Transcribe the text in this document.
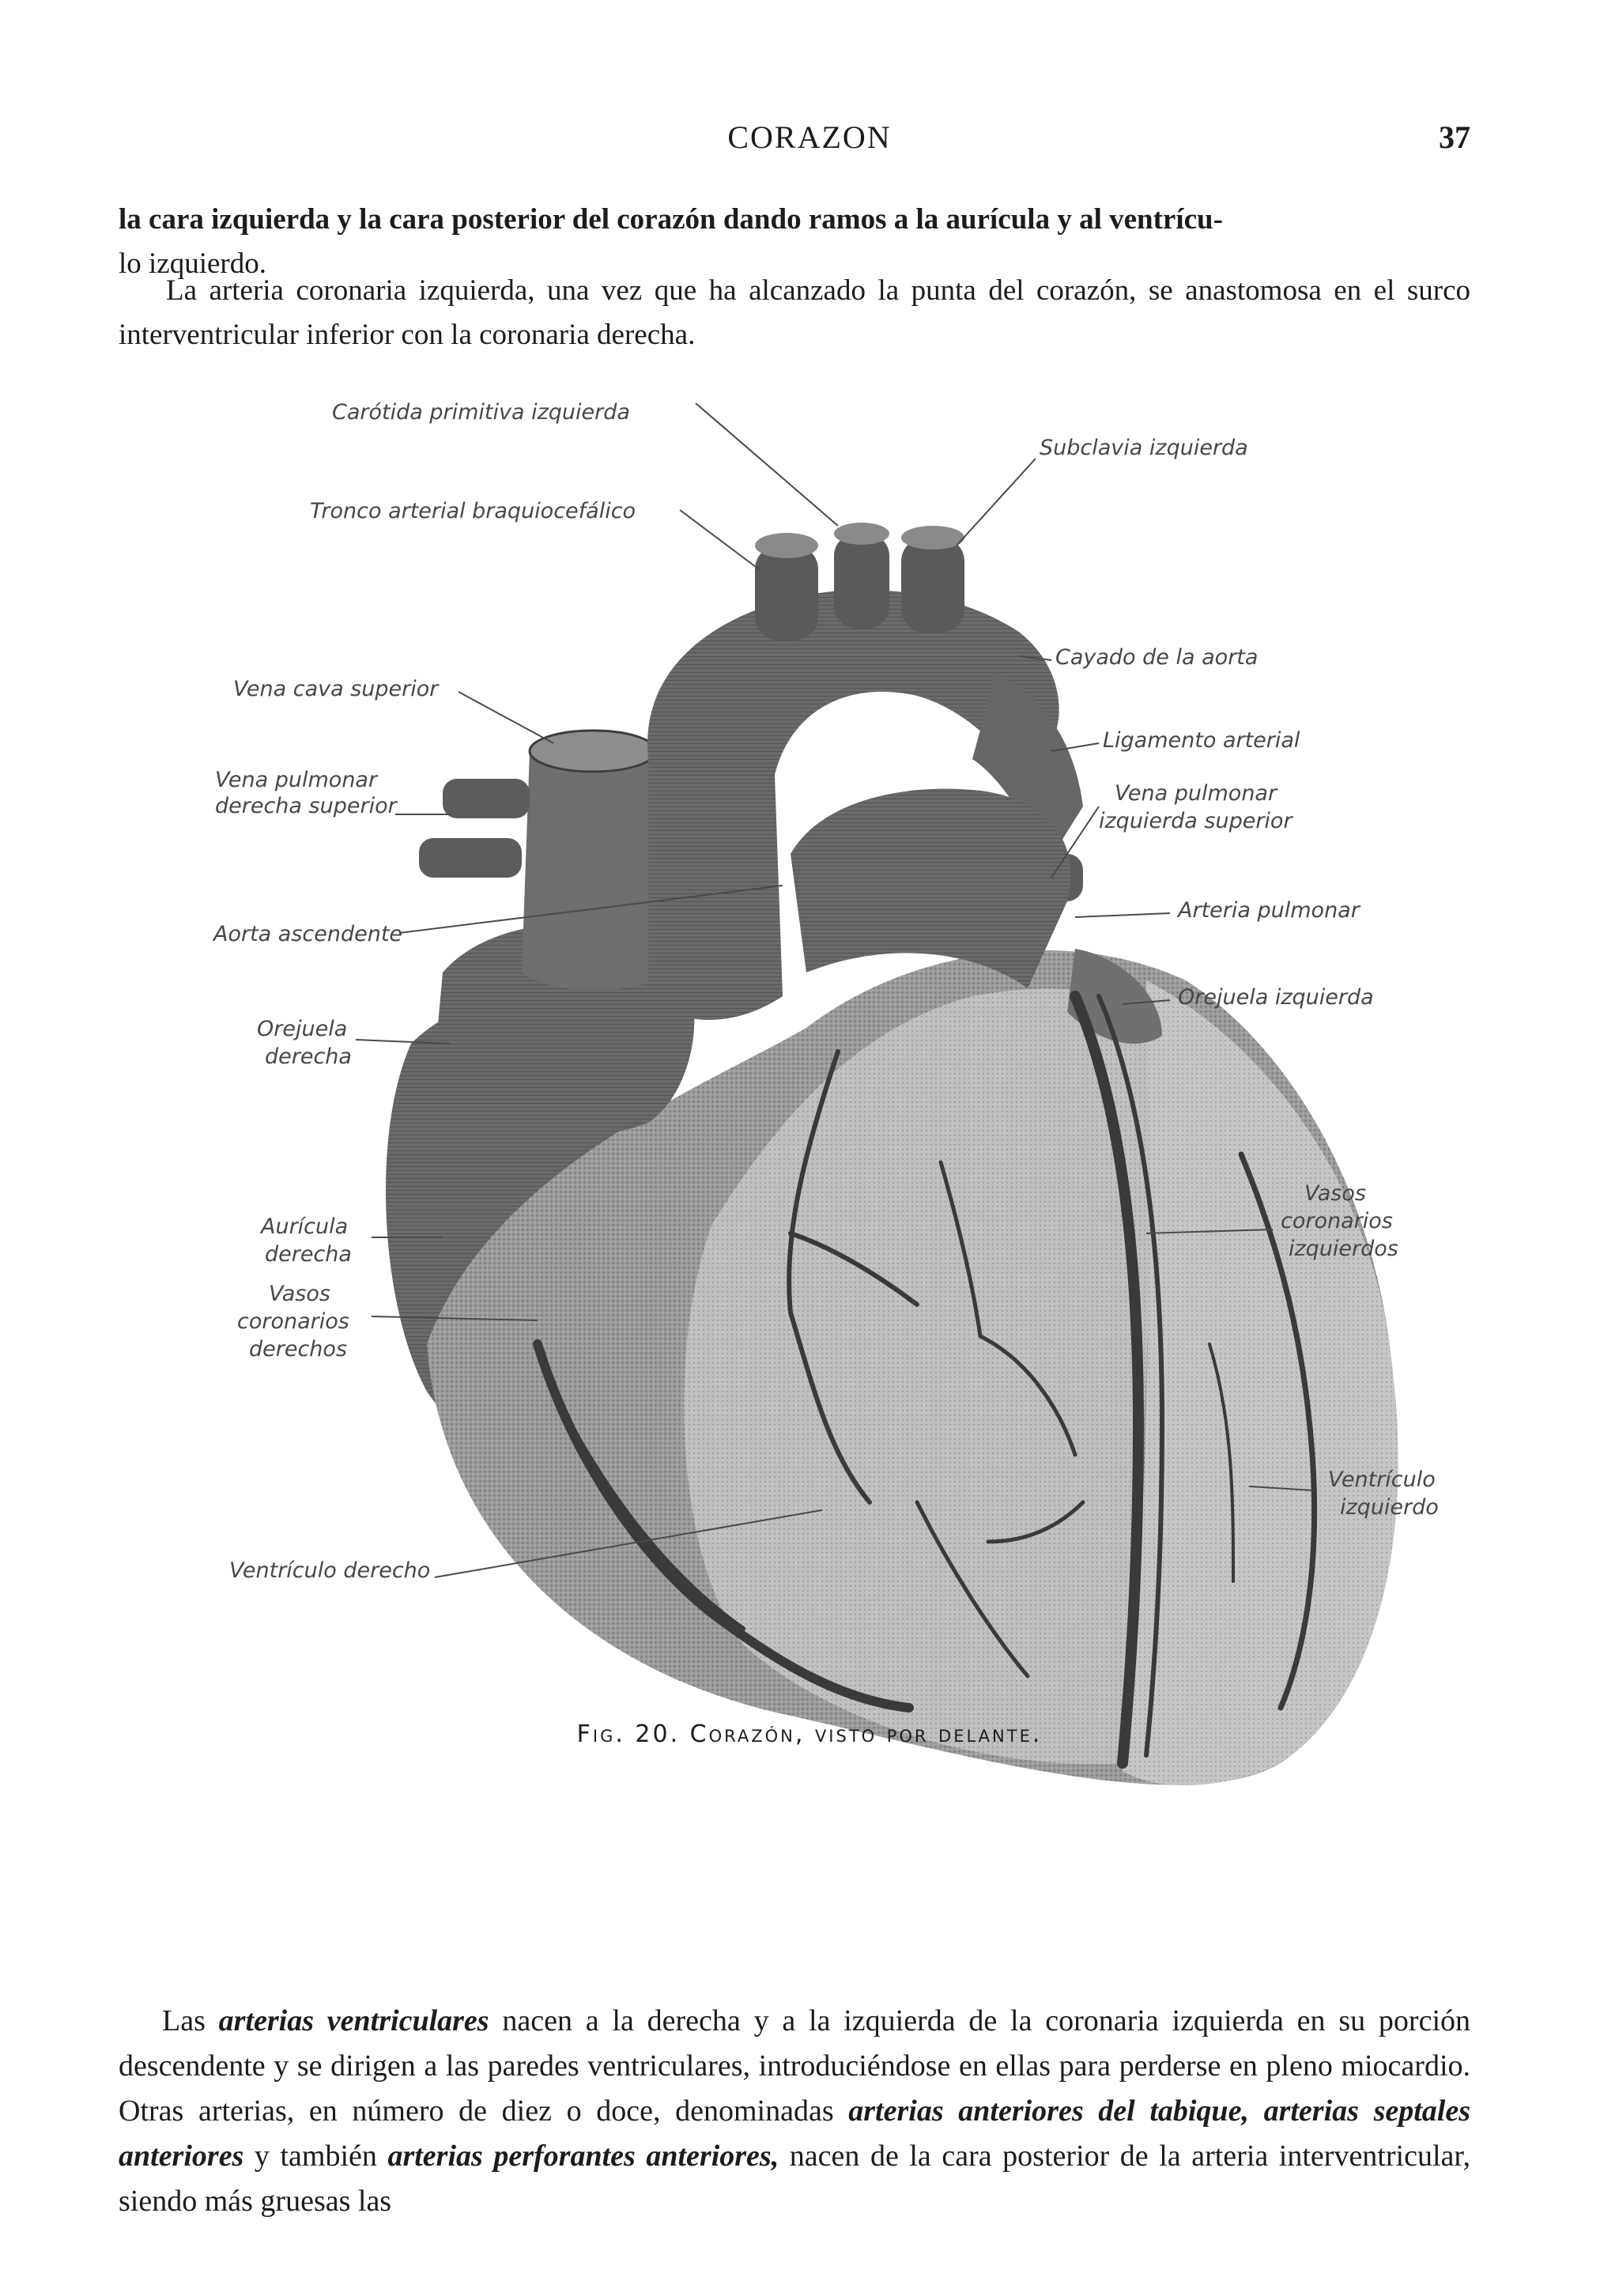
CORAZON	37
la cara izquierda y la cara posterior del corazón dando ramos a la aurícula y al ventrícu-
lo izquierdo.
La arteria coronaria izquierda, una vez que ha alcanzado la punta del corazón, se anastomosa en el surco interventricular inferior con la coronaria derecha.
Carótida primitiva izquierda
Subclavia izquierda
Tronco arterial braquiocefálico
Cayado de la aorta
Vena cava superior
Ligamento arterial
Vena pulmonar
derecha superior
Vena pulmonar
izquierda superior
Arteria pulmonar
Aorta ascendente
Orejuela izquierda
Orejuela
derecha
Vasos
coronarios
izquierdos
Aurícula
derecha
Vasos
coronarios
derechos
Ventrículo
izquierdo
Ventrículo derecho
Fig. 20. Corazón, visto por delante.
Las arterias ventriculares nacen a la derecha y a la izquierda de la coronaria izquierda en su porción descendente y se dirigen a las paredes ventriculares, introduciéndose en ellas para perderse en pleno miocardio. Otras arterias, en número de diez o doce, denominadas arterias anteriores del tabique, arterias septales anteriores y también arterias perforantes anteriores, nacen de la cara posterior de la arteria interventricular, siendo más gruesas las
